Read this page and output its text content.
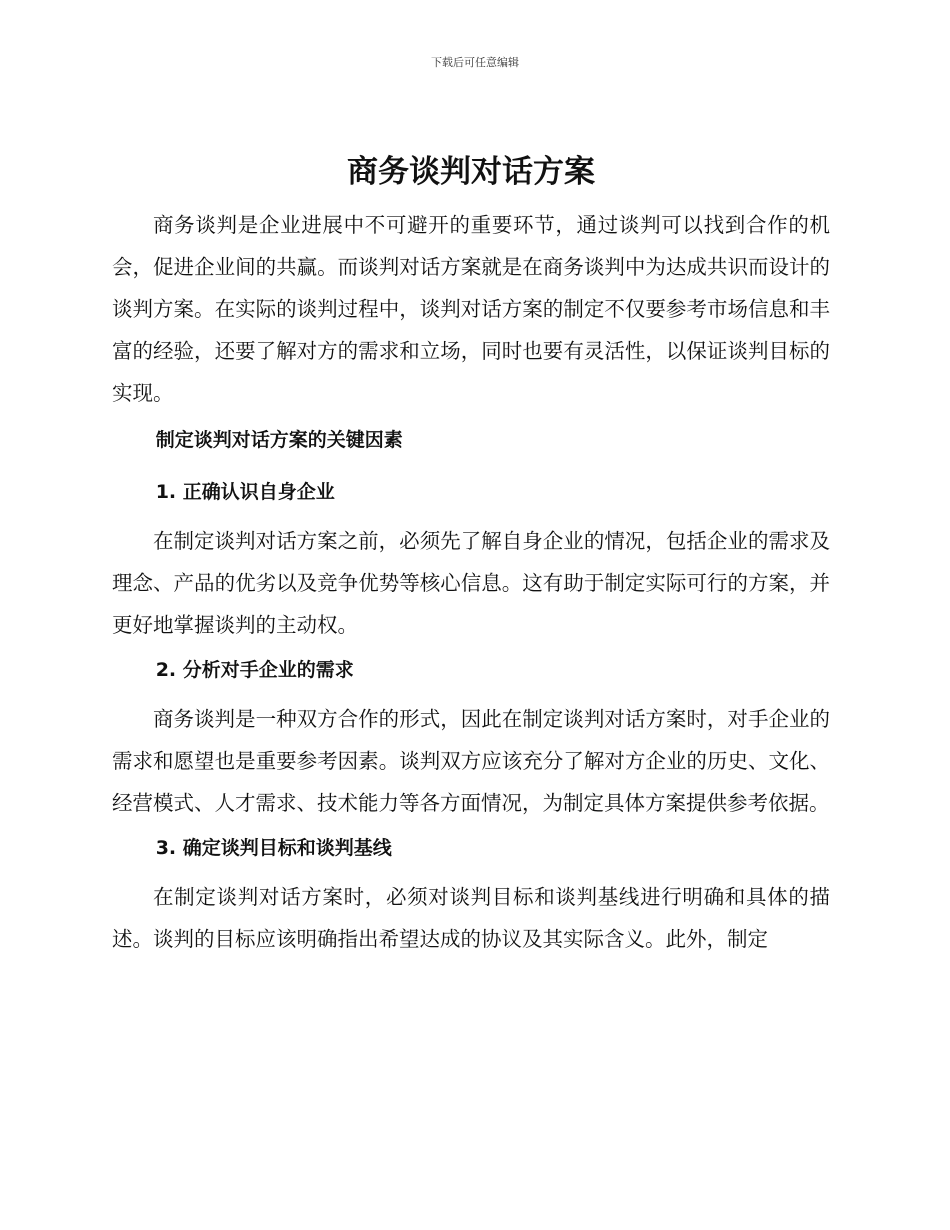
下载后可任意编辑
商务谈判对话方案

商务谈判是企业进展中不可避开的重要环节，通过谈判可以找到合作的机会，促进企业间的共赢。而谈判对话方案就是在商务谈判中为达成共识而设计的谈判方案。在实际的谈判过程中，谈判对话方案的制定不仅要参考市场信息和丰富的经验，还要了解对方的需求和立场，同时也要有灵活性，以保证谈判目标的实现。

制定谈判对话方案的关键因素
1. 正确认识自身企业

在制定谈判对话方案之前，必须先了解自身企业的情况，包括企业的需求及理念、产品的优劣以及竞争优势等核心信息。这有助于制定实际可行的方案，并更好地掌握谈判的主动权。

2. 分析对手企业的需求

商务谈判是一种双方合作的形式，因此在制定谈判对话方案时，对手企业的需求和愿望也是重要参考因素。谈判双方应该充分了解对方企业的历史、文化、经营模式、人才需求、技术能力等各方面情况，为制定具体方案提供参考依据。

3. 确定谈判目标和谈判基线

在制定谈判对话方案时，必须对谈判目标和谈判基线进行明确和具体的描述。谈判的目标应该明确指出希望达成的协议及其实际含义。此外，制定
